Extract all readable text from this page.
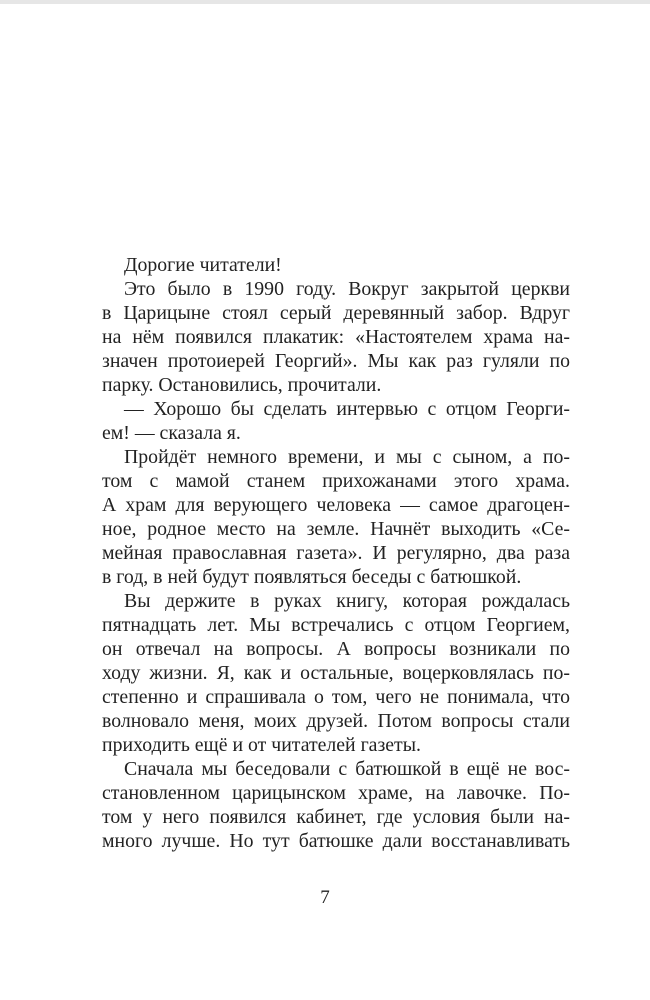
Дорогие читатели!

Это было в 1990 году. Вокруг закрытой церкви

в Царицыне стоял серый деревянный забор. Вдруг

на нём появился плакатик: «Настоятелем храма на-

значен протоиерей Георгий». Мы как раз гуляли по

парку. Остановились, прочитали.

— Хорошо бы сделать интервью с отцом Георги-

ем! — сказала я.

Пройдёт немного времени, и мы с сыном, а по-

том с мамой станем прихожанами этого храма.

А храм для верующего человека — самое драгоцен-

ное, родное место на земле. Начнёт выходить «Се-

мейная православная газета». И регулярно, два раза

в год, в ней будут появляться беседы с батюшкой.

Вы держите в руках книгу, которая рождалась

пятнадцать лет. Мы встречались с отцом Георгием,

он отвечал на вопросы. А вопросы возникали по

ходу жизни. Я, как и остальные, воцерковлялась по-

степенно и спрашивала о том, чего не понимала, что

волновало меня, моих друзей. Потом вопросы стали

приходить ещё и от читателей газеты.

Сначала мы беседовали с батюшкой в ещё не вос-

становленном царицынском храме, на лавочке. По-

том у него появился кабинет, где условия были на-

много лучше. Но тут батюшке дали восстанавливать

7
